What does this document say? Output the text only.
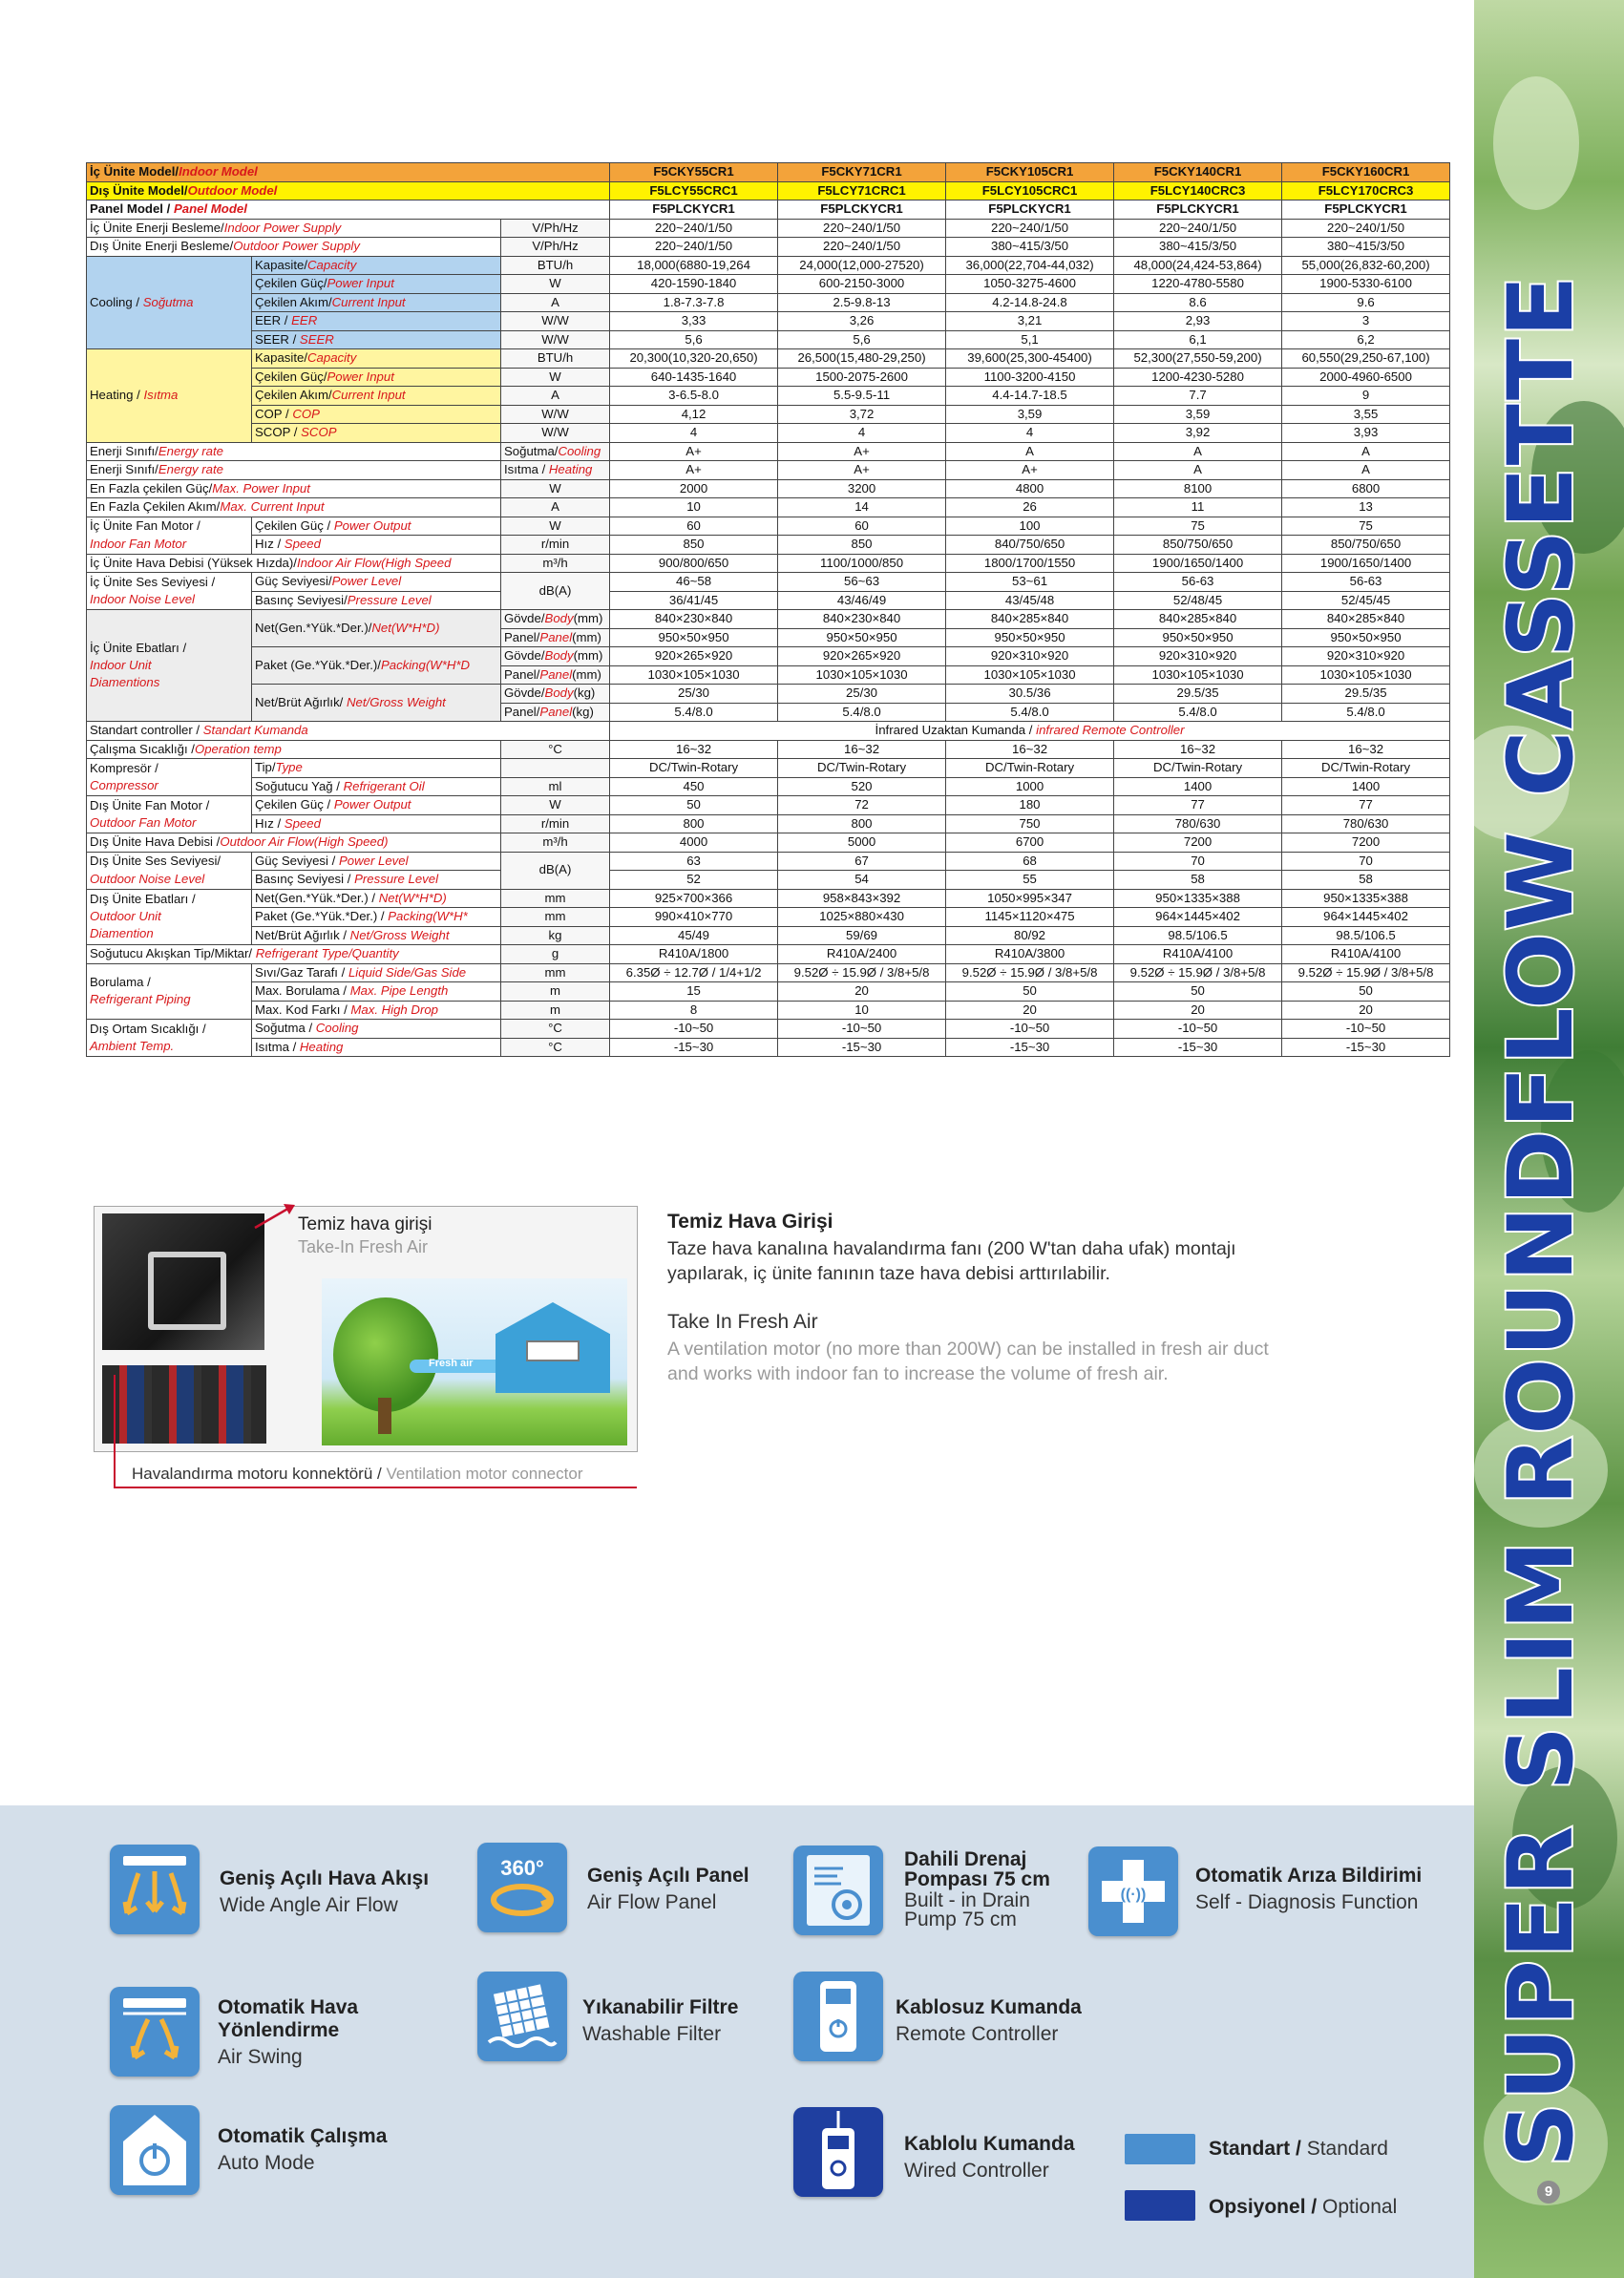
SUPER SLIM ROUNDFLOW CASSETTE
9
İç Ünite Model/Indoor Model			F5CKY55CR1	F5CKY71CR1	F5CKY105CR1	F5CKY140CR1	F5CKY160CR1
Dış Ünite Model/Outdoor Model			F5LCY55CRC1	F5LCY71CRC1	F5LCY105CRC1	F5LCY140CRC3	F5LCY170CRC3
Panel Model / Panel Model			F5PLCKYCR1	F5PLCKYCR1	F5PLCKYCR1	F5PLCKYCR1	F5PLCKYCR1
İç Ünite Enerji Besleme/Indoor Power Supply		V/Ph/Hz	220~240/1/50	220~240/1/50	220~240/1/50	220~240/1/50	220~240/1/50
Dış Ünite Enerji Besleme/Outdoor Power Supply		V/Ph/Hz	220~240/1/50	220~240/1/50	380~415/3/50	380~415/3/50	380~415/3/50
Cooling / Soğutma	Kapasite/Capacity	BTU/h	18,000(6880-19,264	24,000(12,000-27520)	36,000(22,704-44,032)	48,000(24,424-53,864)	55,000(26,832-60,200)
	Çekilen Güç/Power Input	W	420-1590-1840	600-2150-3000	1050-3275-4600	1220-4780-5580	1900-5330-6100
	Çekilen Akım/Current Input	A	1.8-7.3-7.8	2.5-9.8-13	4.2-14.8-24.8	8.6	9.6
	EER / EER	W/W	3,33	3,26	3,21	2,93	3
	SEER / SEER	W/W	5,6	5,6	5,1	6,1	6,2
Heating / Isıtma	Kapasite/Capacity	BTU/h	20,300(10,320-20,650)	26,500(15,480-29,250)	39,600(25,300-45400)	52,300(27,550-59,200)	60,550(29,250-67,100)
	Çekilen Güç/Power Input	W	640-1435-1640	1500-2075-2600	1100-3200-4150	1200-4230-5280	2000-4960-6500
	Çekilen Akım/Current Input	A	3-6.5-8.0	5.5-9.5-11	4.4-14.7-18.5	7.7	9
	COP / COP	W/W	4,12	3,72	3,59	3,59	3,55
	SCOP / SCOP	W/W	4	4	4	3,92	3,93
Enerji Sınıfı/Energy rate		Soğutma/Cooling	A+	A+	A	A	A
Enerji Sınıfı/Energy rate		Isıtma / Heating	A+	A+	A+	A	A
En Fazla çekilen Güç/Max. Power Input		W	2000	3200	4800	8100	6800
En Fazla Çekilen Akım/Max. Current Input		A	10	14	26	11	13
İç Ünite Fan Motor /
Indoor Fan Motor	Çekilen Güç / Power Output	W	60	60	100	75	75
	Hız / Speed	r/min	850	850	840/750/650	850/750/650	850/750/650
İç Ünite Hava Debisi (Yüksek Hızda)/Indoor Air Flow(High Speed		m³/h	900/800/650	1100/1000/850	1800/1700/1550	1900/1650/1400	1900/1650/1400
İç Ünite Ses Seviyesi /
Indoor Noise Level	Güç Seviyesi/Power Level	dB(A)	46~58	56~63	53~61	56-63	56-63
	Basınç Seviyesi/Pressure Level		36/41/45	43/46/49	43/45/48	52/48/45	52/45/45
İç Ünite Ebatları /
Indoor Unit
Diamentions	Net(Gen.*Yük.*Der.)/Net(W*H*D)	Gövde/Body(mm)	840×230×840	840×230×840	840×285×840	840×285×840	840×285×840
		Panel/Panel(mm)	950×50×950	950×50×950	950×50×950	950×50×950	950×50×950
	Paket (Ge.*Yük.*Der.)/Packing(W*H*D	Gövde/Body(mm)	920×265×920	920×265×920	920×310×920	920×310×920	920×310×920
		Panel/Panel(mm)	1030×105×1030	1030×105×1030	1030×105×1030	1030×105×1030	1030×105×1030
	Net/Brüt Ağırlık/ Net/Gross Weight	Gövde/Body(kg)	25/30	25/30	30.5/36	29.5/35	29.5/35
		Panel/Panel(kg)	5.4/8.0	5.4/8.0	5.4/8.0	5.4/8.0	5.4/8.0
Standart controller / Standart Kumanda			İnfrared Uzaktan Kumanda / infrared Remote Controller				
Çalışma Sıcaklığı /Operation temp		°C	16~32	16~32	16~32	16~32	16~32
Kompresör /
Compressor	Tip/Type		DC/Twin-Rotary	DC/Twin-Rotary	DC/Twin-Rotary	DC/Twin-Rotary	DC/Twin-Rotary
	Soğutucu Yağ / Refrigerant Oil	ml	450	520	1000	1400	1400
Dış Ünite Fan Motor /
Outdoor Fan Motor	Çekilen Güç / Power Output	W	50	72	180	77	77
	Hız / Speed	r/min	800	800	750	780/630	780/630
Dış Ünite Hava Debisi /Outdoor Air Flow(High Speed)		m³/h	4000	5000	6700	7200	7200
Dış Ünite Ses Seviyesi/
Outdoor Noise Level	Güç Seviyesi / Power Level	dB(A)	63	67	68	70	70
	Basınç Seviyesi / Pressure Level		52	54	55	58	58
Dış Ünite Ebatları /
Outdoor Unit
Diamention	Net(Gen.*Yük.*Der.) / Net(W*H*D)	mm	925×700×366	958×843×392	1050×995×347	950×1335×388	950×1335×388
	Paket (Ge.*Yük.*Der.) / Packing(W*H*	mm	990×410×770	1025×880×430	1145×1120×475	964×1445×402	964×1445×402
	Net/Brüt Ağırlık / Net/Gross Weight	kg	45/49	59/69	80/92	98.5/106.5	98.5/106.5
Soğutucu Akışkan Tip/Miktar/ Refrigerant Type/Quantity		g	R410A/1800	R410A/2400	R410A/3800	R410A/4100	R410A/4100
Borulama /
Refrigerant Piping	Sıvı/Gaz Tarafı / Liquid Side/Gas Side	mm	6.35Ø ÷ 12.7Ø / 1/4+1/2	9.52Ø ÷ 15.9Ø / 3/8+5/8	9.52Ø ÷ 15.9Ø / 3/8+5/8	9.52Ø ÷ 15.9Ø / 3/8+5/8	9.52Ø ÷ 15.9Ø / 3/8+5/8
	Max. Borulama / Max. Pipe Length	m	15	20	50	50	50
	Max. Kod Farkı / Max. High Drop	m	8	10	20	20	20
Dış Ortam Sıcaklığı /
Ambient Temp.	Soğutma / Cooling	°C	-10~50	-10~50	-10~50	-10~50	-10~50
	Isıtma / Heating	°C	-15~30	-15~30	-15~30	-15~30	-15~30
Fresh air
Temiz hava girişi
Take-In Fresh Air
Havalandırma motoru konnektörü / Ventilation motor connector
Temiz Hava Girişi
Taze hava kanalına havalandırma fanı (200 W'tan daha ufak) montajı
yapılarak, iç ünite fanının taze hava debisi arttırılabilir.
Take In Fresh Air
A ventilation motor (no more than 200W) can be installed in fresh air duct
and works with indoor fan to increase the volume of fresh air.
Geniş Açılı Hava Akışı
Wide Angle Air Flow
360° Geniş Açılı Panel
Air Flow Panel
Dahili Drenaj
Pompası 75 cm
Built - in Drain
Pump 75 cm
((·))
Otomatik Arıza Bildirimi
Self - Diagnosis Function
Otomatik Hava
Yönlendirme
Air Swing
Yıkanabilir Filtre
Washable Filter
Kablosuz Kumanda
Remote Controller
Otomatik Çalışma
Auto Mode
Kablolu Kumanda
Wired Controller
Standart / Standard
Opsiyonel / Optional
